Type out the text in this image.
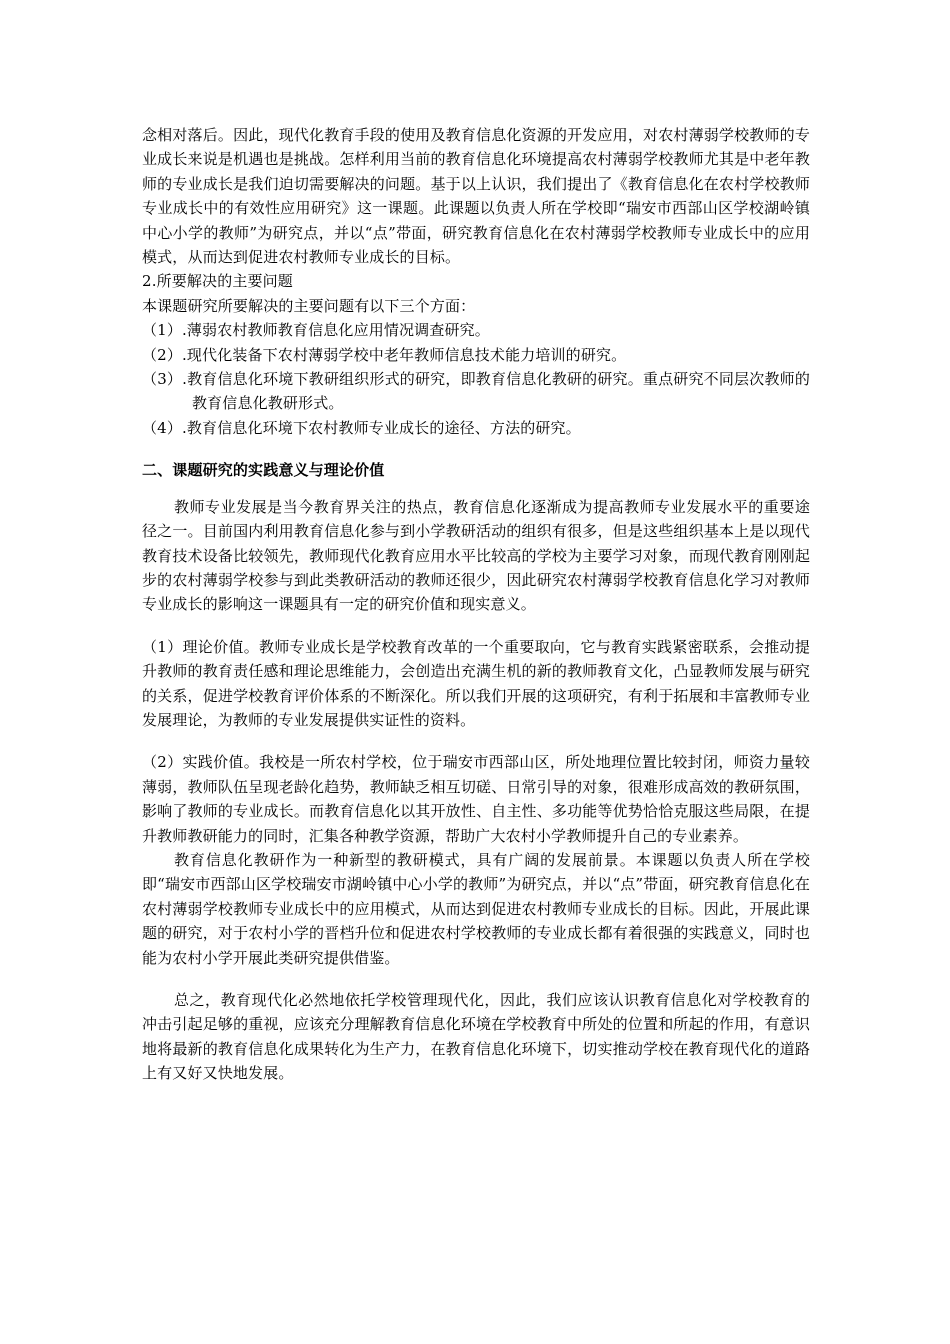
念相对落后。因此，现代化教育手段的使用及教育信息化资源的开发应用，对农村薄弱学校教师的专业成长来说是机遇也是挑战。怎样利用当前的教育信息化环境提高农村薄弱学校教师尤其是中老年教师的专业成长是我们迫切需要解决的问题。基于以上认识，我们提出了《教育信息化在农村学校教师专业成长中的有效性应用研究》这一课题。此课题以负责人所在学校即“瑞安市西部山区学校湖岭镇中心小学的教师”为研究点，并以“点”带面，研究教育信息化在农村薄弱学校教师专业成长中的应用模式，从而达到促进农村教师专业成长的目标。

2.所要解决的主要问题

本课题研究所要解决的主要问题有以下三个方面：

（1）.薄弱农村教师教育信息化应用情况调查研究。

（2）.现代化装备下农村薄弱学校中老年教师信息技术能力培训的研究。

（3）.教育信息化环境下教研组织形式的研究，即教育信息化教研的研究。重点研究不同层次教师的教育信息化教研形式。

（4）.教育信息化环境下农村教师专业成长的途径、方法的研究。

二、课题研究的实践意义与理论价值

教师专业发展是当今教育界关注的热点，教育信息化逐渐成为提高教师专业发展水平的重要途径之一。目前国内利用教育信息化参与到小学教研活动的组织有很多，但是这些组织基本上是以现代教育技术设备比较领先，教师现代化教育应用水平比较高的学校为主要学习对象，而现代教育刚刚起步的农村薄弱学校参与到此类教研活动的教师还很少，因此研究农村薄弱学校教育信息化学习对教师专业成长的影响这一课题具有一定的研究价值和现实意义。

（1）理论价值。教师专业成长是学校教育改革的一个重要取向，它与教育实践紧密联系，会推动提升教师的教育责任感和理论思维能力，会创造出充满生机的新的教师教育文化，凸显教师发展与研究的关系，促进学校教育评价体系的不断深化。所以我们开展的这项研究，有利于拓展和丰富教师专业发展理论，为教师的专业发展提供实证性的资料。

（2）实践价值。我校是一所农村学校，位于瑞安市西部山区，所处地理位置比较封闭，师资力量较薄弱，教师队伍呈现老龄化趋势，教师缺乏相互切磋、日常引导的对象，很难形成高效的教研氛围，影响了教师的专业成长。而教育信息化以其开放性、自主性、多功能等优势恰恰克服这些局限，在提升教师教研能力的同时，汇集各种教学资源，帮助广大农村小学教师提升自己的专业素养。

教育信息化教研作为一种新型的教研模式，具有广阔的发展前景。本课题以负责人所在学校即“瑞安市西部山区学校瑞安市湖岭镇中心小学的教师”为研究点，并以“点”带面，研究教育信息化在农村薄弱学校教师专业成长中的应用模式，从而达到促进农村教师专业成长的目标。因此，开展此课题的研究，对于农村小学的晋档升位和促进农村学校教师的专业成长都有着很强的实践意义，同时也能为农村小学开展此类研究提供借鉴。

总之，教育现代化必然地依托学校管理现代化，因此，我们应该认识教育信息化对学校教育的冲击引起足够的重视，应该充分理解教育信息化环境在学校教育中所处的位置和所起的作用，有意识地将最新的教育信息化成果转化为生产力，在教育信息化环境下，切实推动学校在教育现代化的道路上有又好又快地发展。
